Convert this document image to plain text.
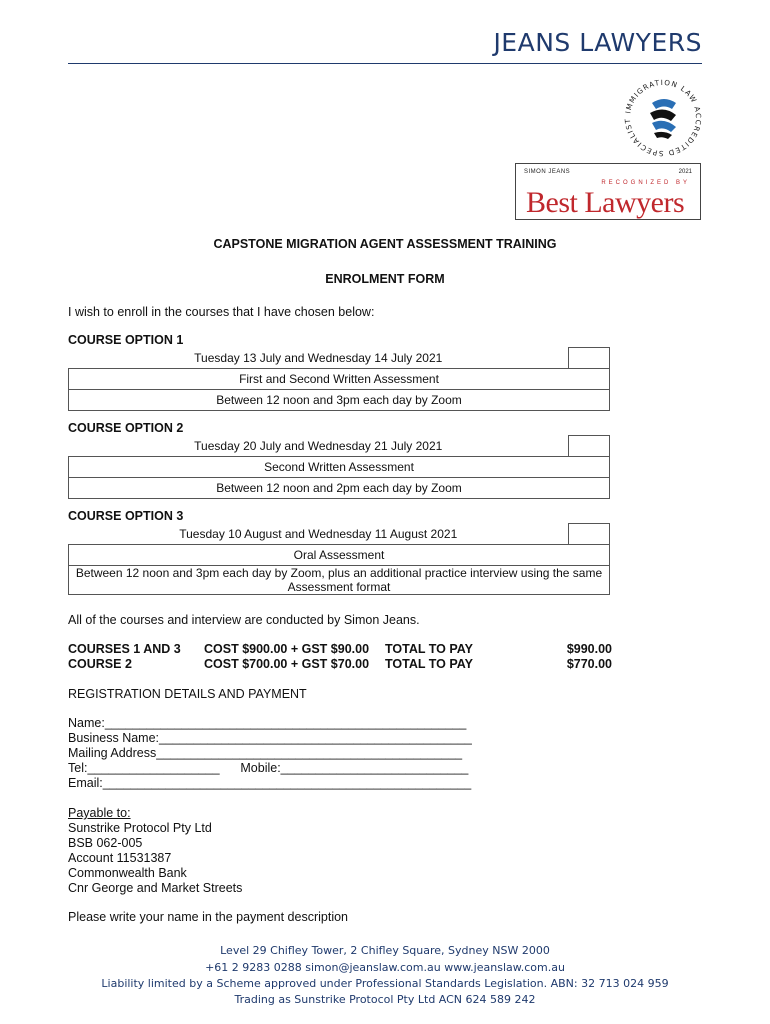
JEANS LAWYERS
IMMIGRATION LAW ACCREDITED SPECIALIST
SIMON JEANS	2021
RECOGNIZED BY
Best Lawyers
CAPSTONE MIGRATION AGENT ASSESSMENT TRAINING
ENROLMENT FORM
I wish to enroll in the courses that I have chosen below:
COURSE OPTION 1
Tuesday 13 July and Wednesday 14 July 2021	
First and Second Written Assessment
Between 12 noon and 3pm each day by Zoom
COURSE OPTION 2
Tuesday 20 July and Wednesday 21 July 2021	
Second Written Assessment
Between 12 noon and 2pm each day by Zoom
COURSE OPTION 3
Tuesday 10 August and Wednesday 11 August 2021	
Oral Assessment
Between 12 noon and 3pm each day by Zoom, plus an additional practice interview using the same Assessment format
All of the courses and interview are conducted by Simon Jeans.
COURSES 1 AND 3 COST $900.00 + GST $90.00 TOTAL TO PAY	$990.00
COURSE 2	COST $700.00 + GST $70.00 TOTAL TO PAY	$770.00
REGISTRATION DETAILS AND PAYMENT
Name:____________________________________________________
Business Name:_____________________________________________
Mailing Address____________________________________________
Tel:___________________      Mobile:___________________________
Email:_____________________________________________________
Payable to:
Sunstrike Protocol Pty Ltd
BSB 062-005
Account 11531387
Commonwealth Bank
Cnr George and Market Streets
Please write your name in the payment description
Level 29 Chifley Tower, 2 Chifley Square, Sydney NSW 2000
+61 2 9283 0288 simon@jeanslaw.com.au www.jeanslaw.com.au
Liability limited by a Scheme approved under Professional Standards Legislation. ABN: 32 713 024 959
Trading as Sunstrike Protocol Pty Ltd ACN 624 589 242
